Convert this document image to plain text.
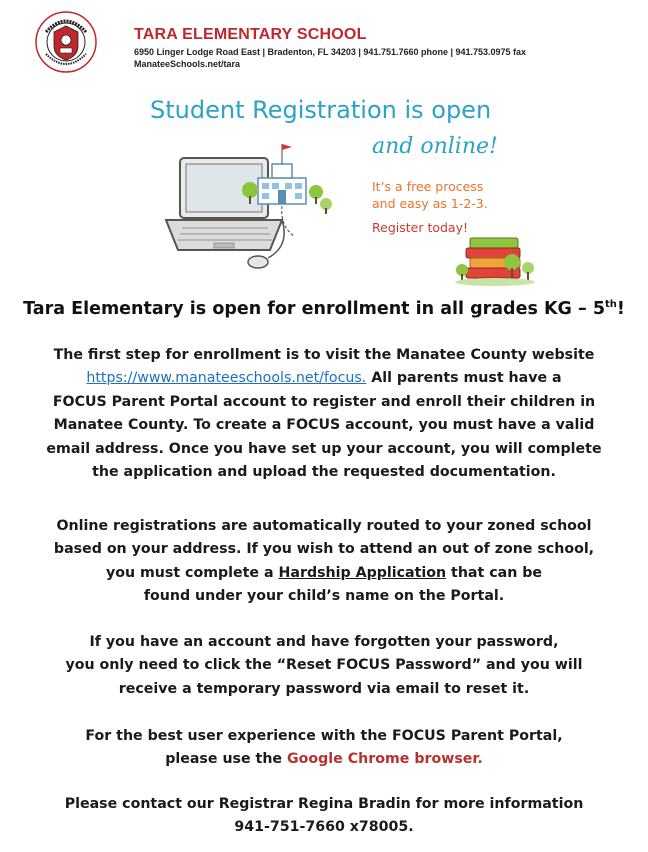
TARA ELEMENTARY SCHOOL
6950 Linger Lodge Road East | Bradenton, FL 34203 | 941.751.7660 phone | 941.753.0975 fax
ManateeSchools.net/tara
Student Registration is open
and online!
It’s a free process
and easy as 1-2-3.
Register today!
Tara Elementary is open for enrollment in all grades KG – 5th!
The first step for enrollment is to visit the Manatee County website
https://www.manateeschools.net/focus. All parents must have a
FOCUS Parent Portal account to register and enroll their children in
Manatee County. To create a FOCUS account, you must have a valid
email address. Once you have set up your account, you will complete
the application and upload the requested documentation.
Online registrations are automatically routed to your zoned school
based on your address. If you wish to attend an out of zone school,
you must complete a Hardship Application that can be
found under your child’s name on the Portal.
If you have an account and have forgotten your password,
you only need to click the “Reset FOCUS Password” and you will
receive a temporary password via email to reset it.
For the best user experience with the FOCUS Parent Portal,
please use the Google Chrome browser.
Please contact our Registrar Regina Bradin for more information
941-751-7660 x78005.
